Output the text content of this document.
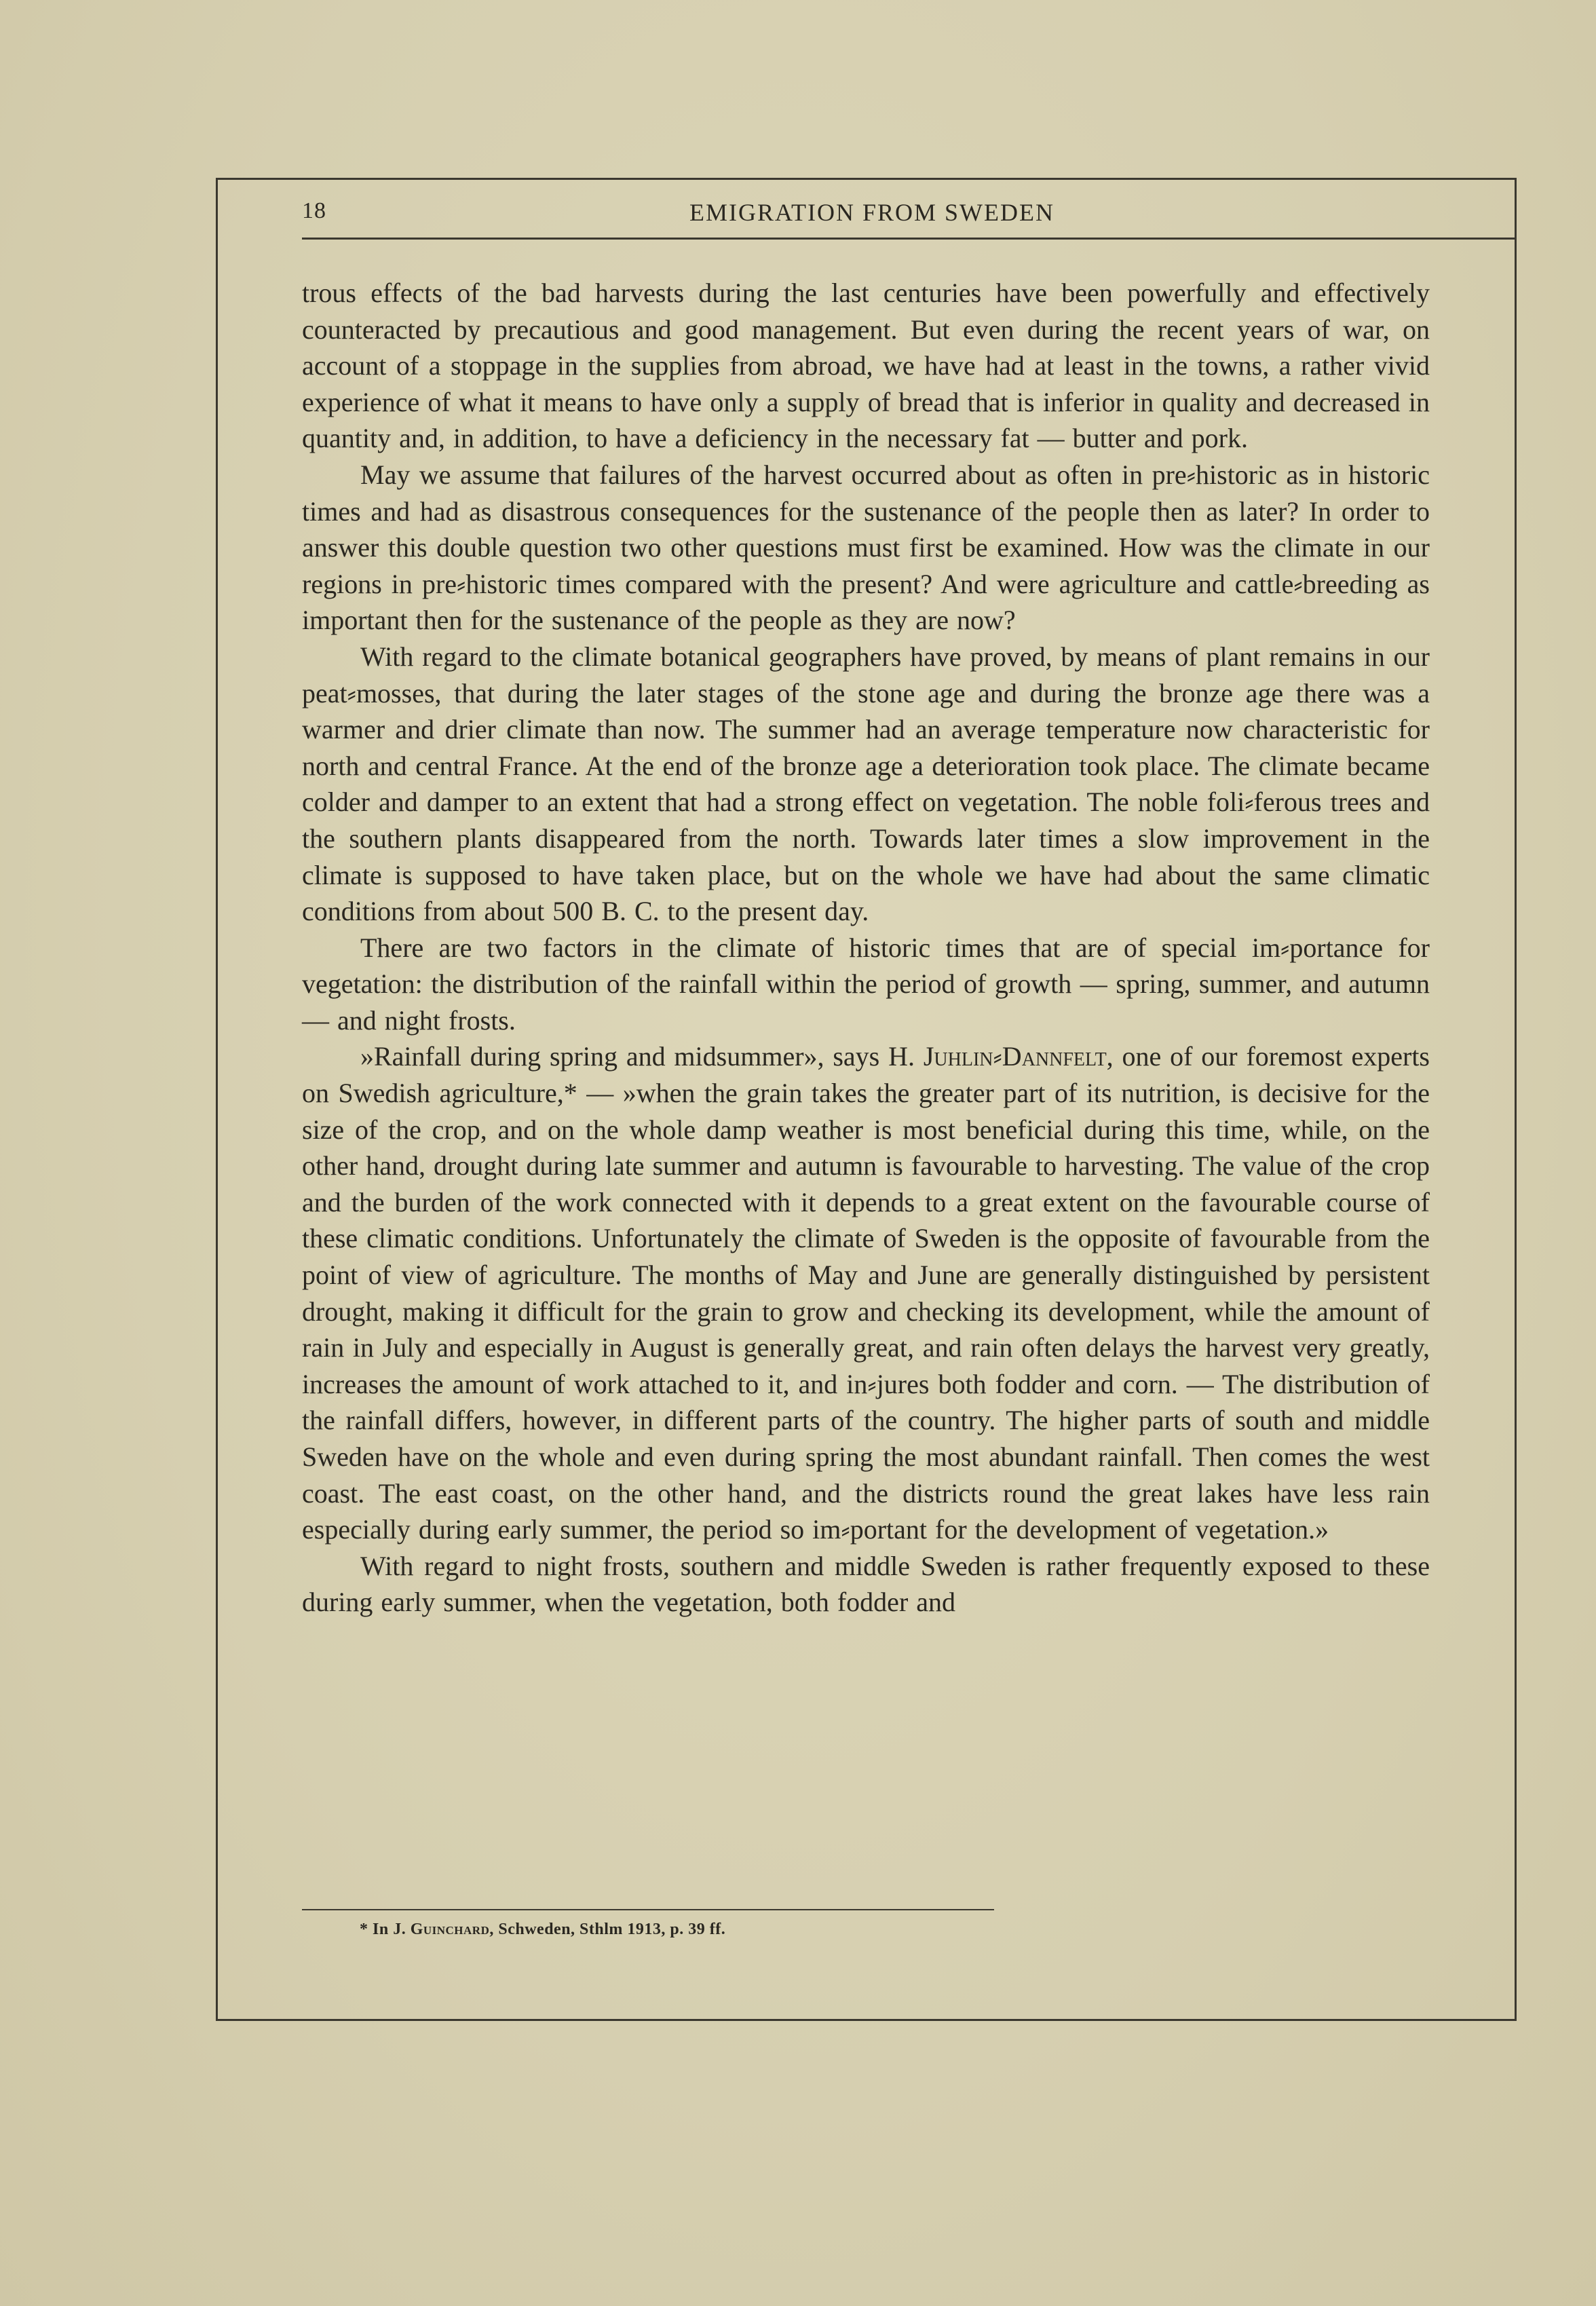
18	EMIGRATION FROM SWEDEN

trous effects of the bad harvests during the last centuries have been powerfully and effectively counteracted by precautious and good management. But even during the recent years of war, on account of a stoppage in the supplies from abroad, we have had at least in the towns, a rather vivid experience of what it means to have only a supply of bread that is inferior in quality and decreased in quantity and, in addition, to have a deficiency in the necessary fat — butter and pork.

May we assume that failures of the harvest occurred about as often in pre⸗historic as in historic times and had as disastrous consequences for the sustenance of the people then as later? In order to answer this double question two other questions must first be examined. How was the climate in our regions in pre⸗historic times compared with the present? And were agriculture and cattle⸗breeding as important then for the sustenance of the people as they are now?

With regard to the climate botanical geographers have proved, by means of plant remains in our peat⸗mosses, that during the later stages of the stone age and during the bronze age there was a warmer and drier climate than now. The summer had an average temperature now characteristic for north and central France. At the end of the bronze age a deterioration took place. The climate became colder and damper to an extent that had a strong effect on vegetation. The noble foli⸗ferous trees and the southern plants disappeared from the north. Towards later times a slow improvement in the climate is supposed to have taken place, but on the whole we have had about the same climatic conditions from about 500 B. C. to the present day.

There are two factors in the climate of historic times that are of special im⸗portance for vegetation: the distribution of the rainfall within the period of growth — spring, summer, and autumn — and night frosts.

»Rainfall during spring and midsummer», says H. Juhlin⸗Dannfelt, one of our foremost experts on Swedish agriculture,* — »when the grain takes the greater part of its nutrition, is decisive for the size of the crop, and on the whole damp weather is most beneficial during this time, while, on the other hand, drought during late summer and autumn is favourable to harvesting. The value of the crop and the burden of the work connected with it depends to a great extent on the favourable course of these climatic conditions. Unfortunately the climate of Sweden is the opposite of favourable from the point of view of agriculture. The months of May and June are generally distinguished by persistent drought, making it difficult for the grain to grow and checking its development, while the amount of rain in July and especially in August is generally great, and rain often delays the harvest very greatly, increases the amount of work attached to it, and in⸗jures both fodder and corn. — The distribution of the rainfall differs, however, in different parts of the country. The higher parts of south and middle Sweden have on the whole and even during spring the most abundant rainfall. Then comes the west coast. The east coast, on the other hand, and the districts round the great lakes have less rain especially during early summer, the period so im⸗portant for the development of vegetation.»

With regard to night frosts, southern and middle Sweden is rather frequently exposed to these during early summer, when the vegetation, both fodder and

* In J. Guinchard, Schweden, Sthlm 1913, p. 39 ff.
